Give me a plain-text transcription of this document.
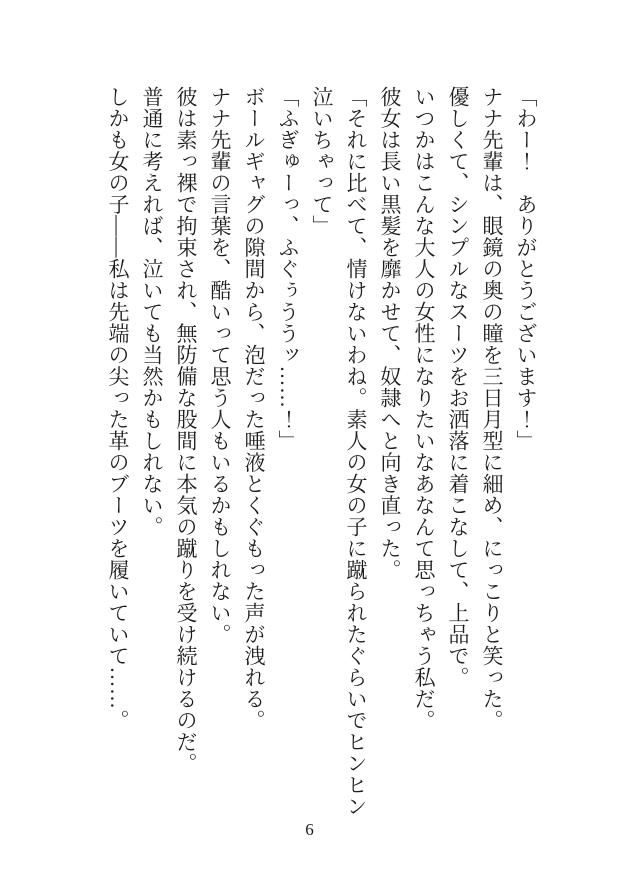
「わー！　ありがとうございます！」

ナナ先輩は、眼鏡の奥の瞳を三日月型に細め、にっこりと笑った。

優しくて、シンプルなスーツをお洒落に着こなして、上品で。

いつかはこんな大人の女性になりたいなあなんて思っちゃう私だ。

彼女は長い黒髪を靡かせて、奴隷へと向き直った。

「それに比べて、情けないわね。素人の女の子に蹴られたぐらいでヒンヒン

泣いちゃって」

「ふぎゅーっ、ふぐぅううッ……！」

ボールギャグの隙間から、泡だった唾液とくぐもった声が洩れる。

ナナ先輩の言葉を、酷いって思う人もいるかもしれない。

彼は素っ裸で拘束され、無防備な股間に本気の蹴りを受け続けるのだ。

普通に考えれば、泣いても当然かもしれない。

しかも女の子――私は先端の尖った革のブーツを履いていて……。

6
